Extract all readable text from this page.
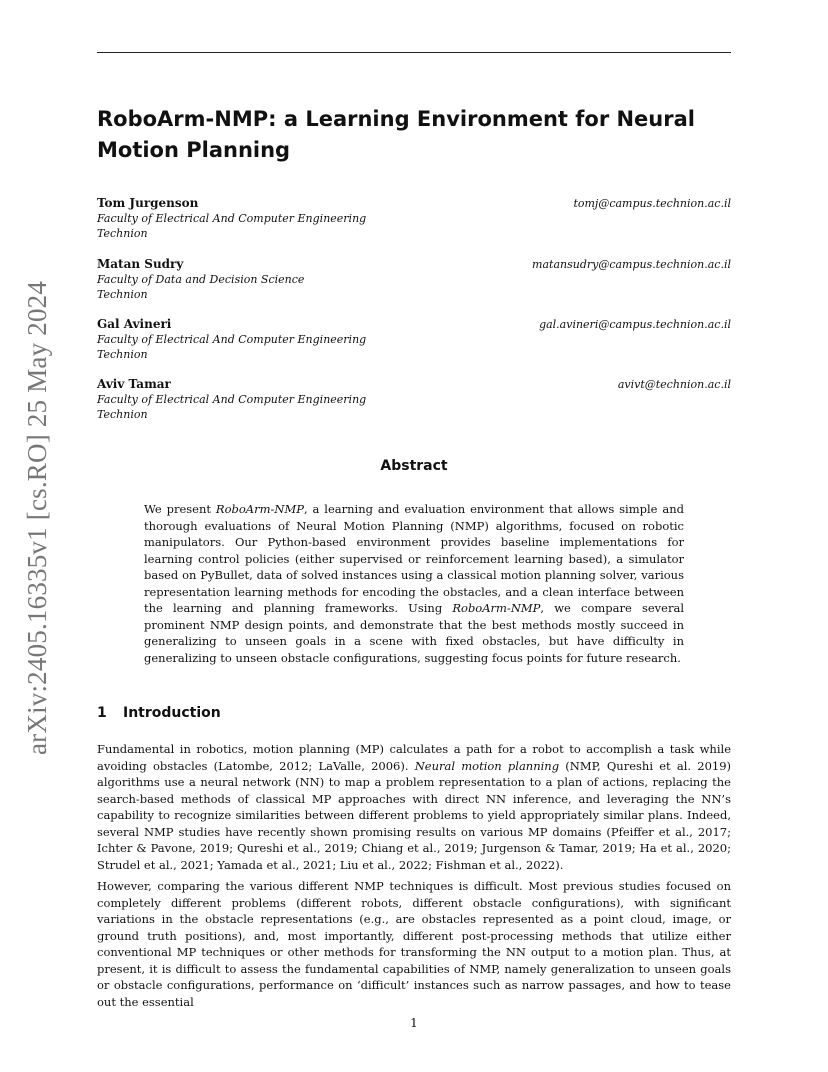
arXiv:2405.16335v1 [cs.RO] 25 May 2024
RoboArm-NMP: a Learning Environment for Neural Motion Planning
Tom Jurgenson	tomj@campus.technion.ac.il
Faculty of Electrical And Computer Engineering
Technion
Matan Sudry	matansudry@campus.technion.ac.il
Faculty of Data and Decision Science
Technion
Gal Avineri	gal.avineri@campus.technion.ac.il
Faculty of Electrical And Computer Engineering
Technion
Aviv Tamar	avivt@technion.ac.il
Faculty of Electrical And Computer Engineering
Technion
Abstract

We present RoboArm-NMP, a learning and evaluation environment that allows simple and thorough evaluations of Neural Motion Planning (NMP) algorithms, focused on robotic manipulators. Our Python-based environment provides baseline implementations for learning control policies (either supervised or reinforcement learning based), a simulator based on PyBullet, data of solved instances using a classical motion planning solver, various representation learning methods for encoding the obstacles, and a clean interface between the learning and planning frameworks. Using RoboArm-NMP, we compare several prominent NMP design points, and demonstrate that the best methods mostly succeed in generalizing to unseen goals in a scene with fixed obstacles, but have difficulty in generalizing to unseen obstacle configurations, suggesting focus points for future research.

1 Introduction

Fundamental in robotics, motion planning (MP) calculates a path for a robot to accomplish a task while avoiding obstacles (Latombe, 2012; LaValle, 2006). Neural motion planning (NMP, Qureshi et al. 2019) algorithms use a neural network (NN) to map a problem representation to a plan of actions, replacing the search-based methods of classical MP approaches with direct NN inference, and leveraging the NN’s capability to recognize similarities between different problems to yield appropriately similar plans. Indeed, several NMP studies have recently shown promising results on various MP domains (Pfeiffer et al., 2017; Ichter & Pavone, 2019; Qureshi et al., 2019; Chiang et al., 2019; Jurgenson & Tamar, 2019; Ha et al., 2020; Strudel et al., 2021; Yamada et al., 2021; Liu et al., 2022; Fishman et al., 2022).

However, comparing the various different NMP techniques is difficult. Most previous studies focused on completely different problems (different robots, different obstacle configurations), with significant variations in the obstacle representations (e.g., are obstacles represented as a point cloud, image, or ground truth positions), and, most importantly, different post-processing methods that utilize either conventional MP techniques or other methods for transforming the NN output to a motion plan. Thus, at present, it is difficult to assess the fundamental capabilities of NMP, namely generalization to unseen goals or obstacle configurations, performance on ‘difficult’ instances such as narrow passages, and how to tease out the essential

1
